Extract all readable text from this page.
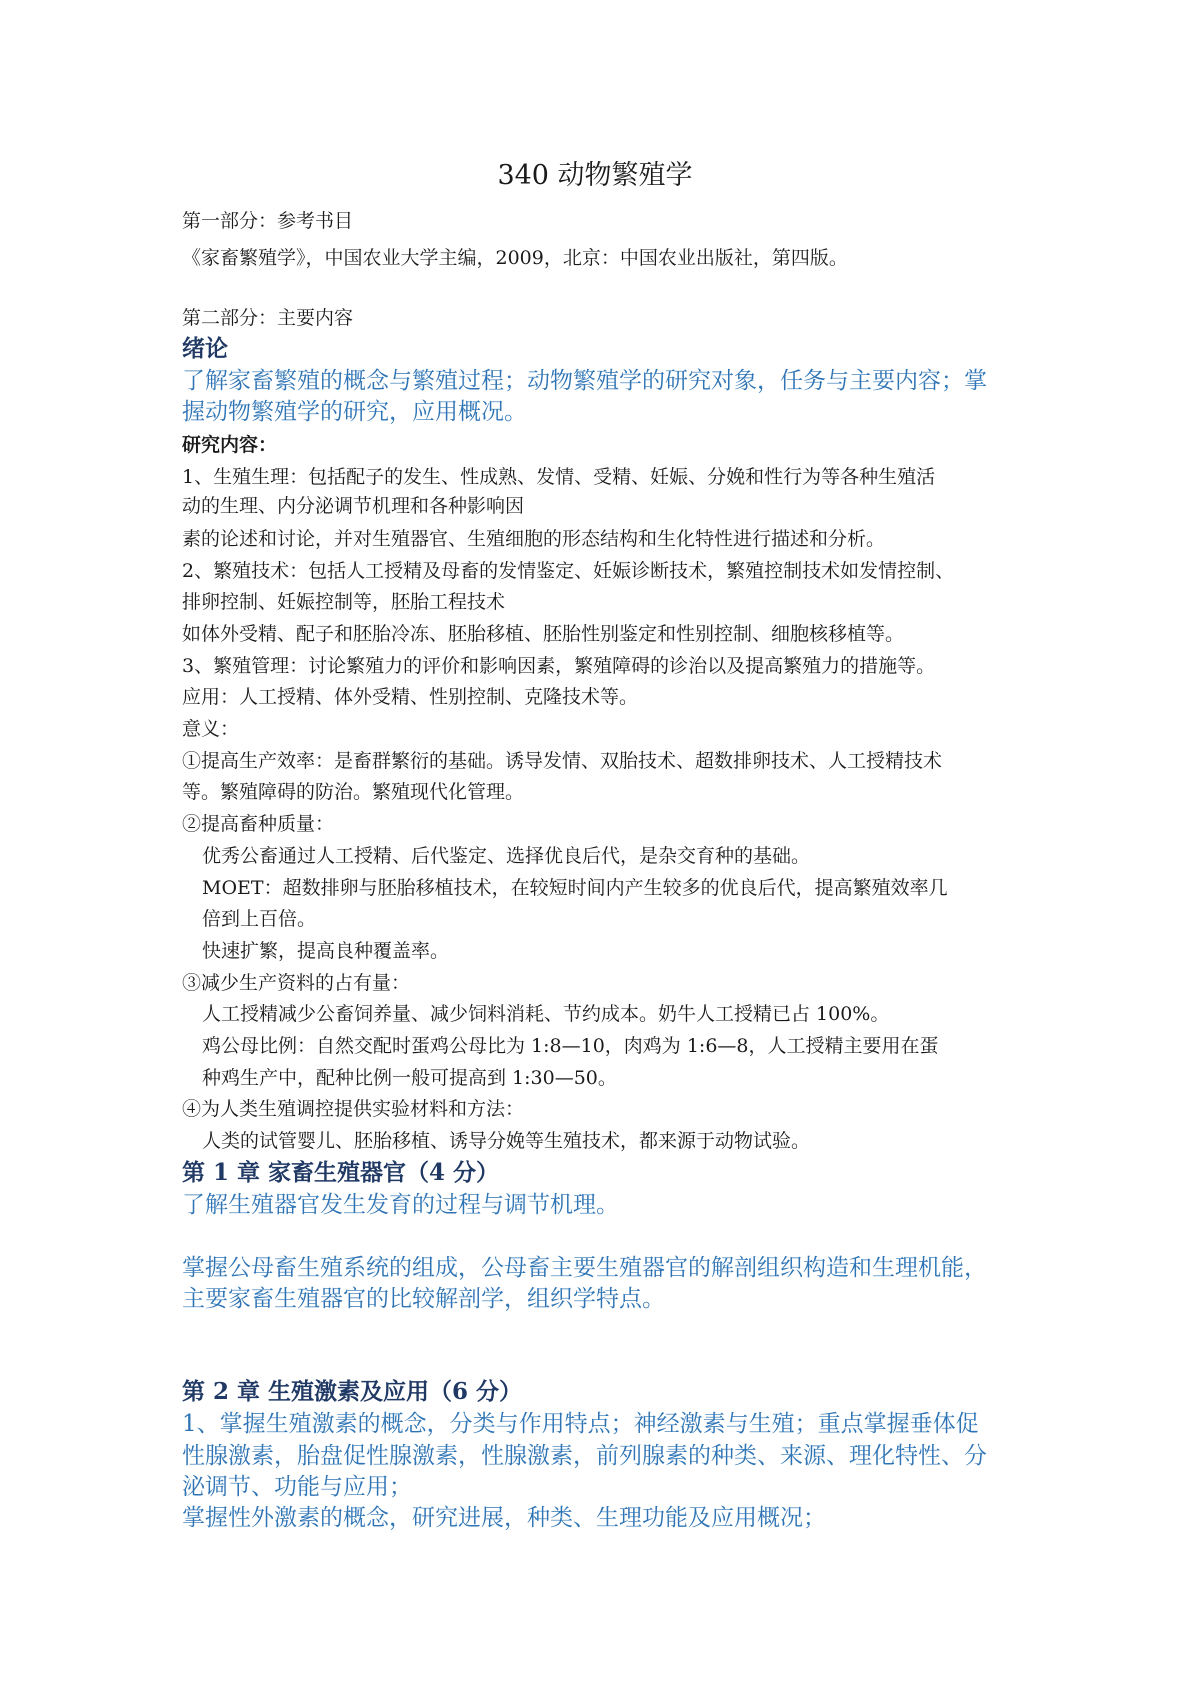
340 动物繁殖学

第一部分：参考书目

《家畜繁殖学》，中国农业大学主编，2009，北京：中国农业出版社，第四版。

第二部分：主要内容

绪论

了解家畜繁殖的概念与繁殖过程；动物繁殖学的研究对象，任务与主要内容；掌

握动物繁殖学的研究，应用概况。

研究内容：

1、生殖生理：包括配子的发生、性成熟、发情、受精、妊娠、分娩和性行为等各种生殖活

动的生理、内分泌调节机理和各种影响因

素的论述和讨论，并对生殖器官、生殖细胞的形态结构和生化特性进行描述和分析。

2、繁殖技术：包括人工授精及母畜的发情鉴定、妊娠诊断技术，繁殖控制技术如发情控制、

排卵控制、妊娠控制等，胚胎工程技术

如体外受精、配子和胚胎冷冻、胚胎移植、胚胎性别鉴定和性别控制、细胞核移植等。

3、繁殖管理：讨论繁殖力的评价和影响因素，繁殖障碍的诊治以及提高繁殖力的措施等。

应用：人工授精、体外受精、性别控制、克隆技术等。

意义：

①提高生产效率：是畜群繁衍的基础。诱导发情、双胎技术、超数排卵技术、人工授精技术

等。繁殖障碍的防治。繁殖现代化管理。

②提高畜种质量：

优秀公畜通过人工授精、后代鉴定、选择优良后代，是杂交育种的基础。

MOET：超数排卵与胚胎移植技术，在较短时间内产生较多的优良后代，提高繁殖效率几

倍到上百倍。

快速扩繁，提高良种覆盖率。

③减少生产资料的占有量：

人工授精减少公畜饲养量、减少饲料消耗、节约成本。奶牛人工授精已占 100%。

鸡公母比例：自然交配时蛋鸡公母比为 1:8—10，肉鸡为 1:6—8，人工授精主要用在蛋

种鸡生产中，配种比例一般可提高到 1:30—50。

④为人类生殖调控提供实验材料和方法：

人类的试管婴儿、胚胎移植、诱导分娩等生殖技术，都来源于动物试验。

第 1 章 家畜生殖器官（4 分）

了解生殖器官发生发育的过程与调节机理。

掌握公母畜生殖系统的组成，公母畜主要生殖器官的解剖组织构造和生理机能，

主要家畜生殖器官的比较解剖学，组织学特点。

第 2 章 生殖激素及应用（6 分）

1、掌握生殖激素的概念，分类与作用特点；神经激素与生殖；重点掌握垂体促

性腺激素，胎盘促性腺激素，性腺激素，前列腺素的种类、来源、理化特性、分

泌调节、功能与应用；

掌握性外激素的概念，研究进展，种类、生理功能及应用概况；
